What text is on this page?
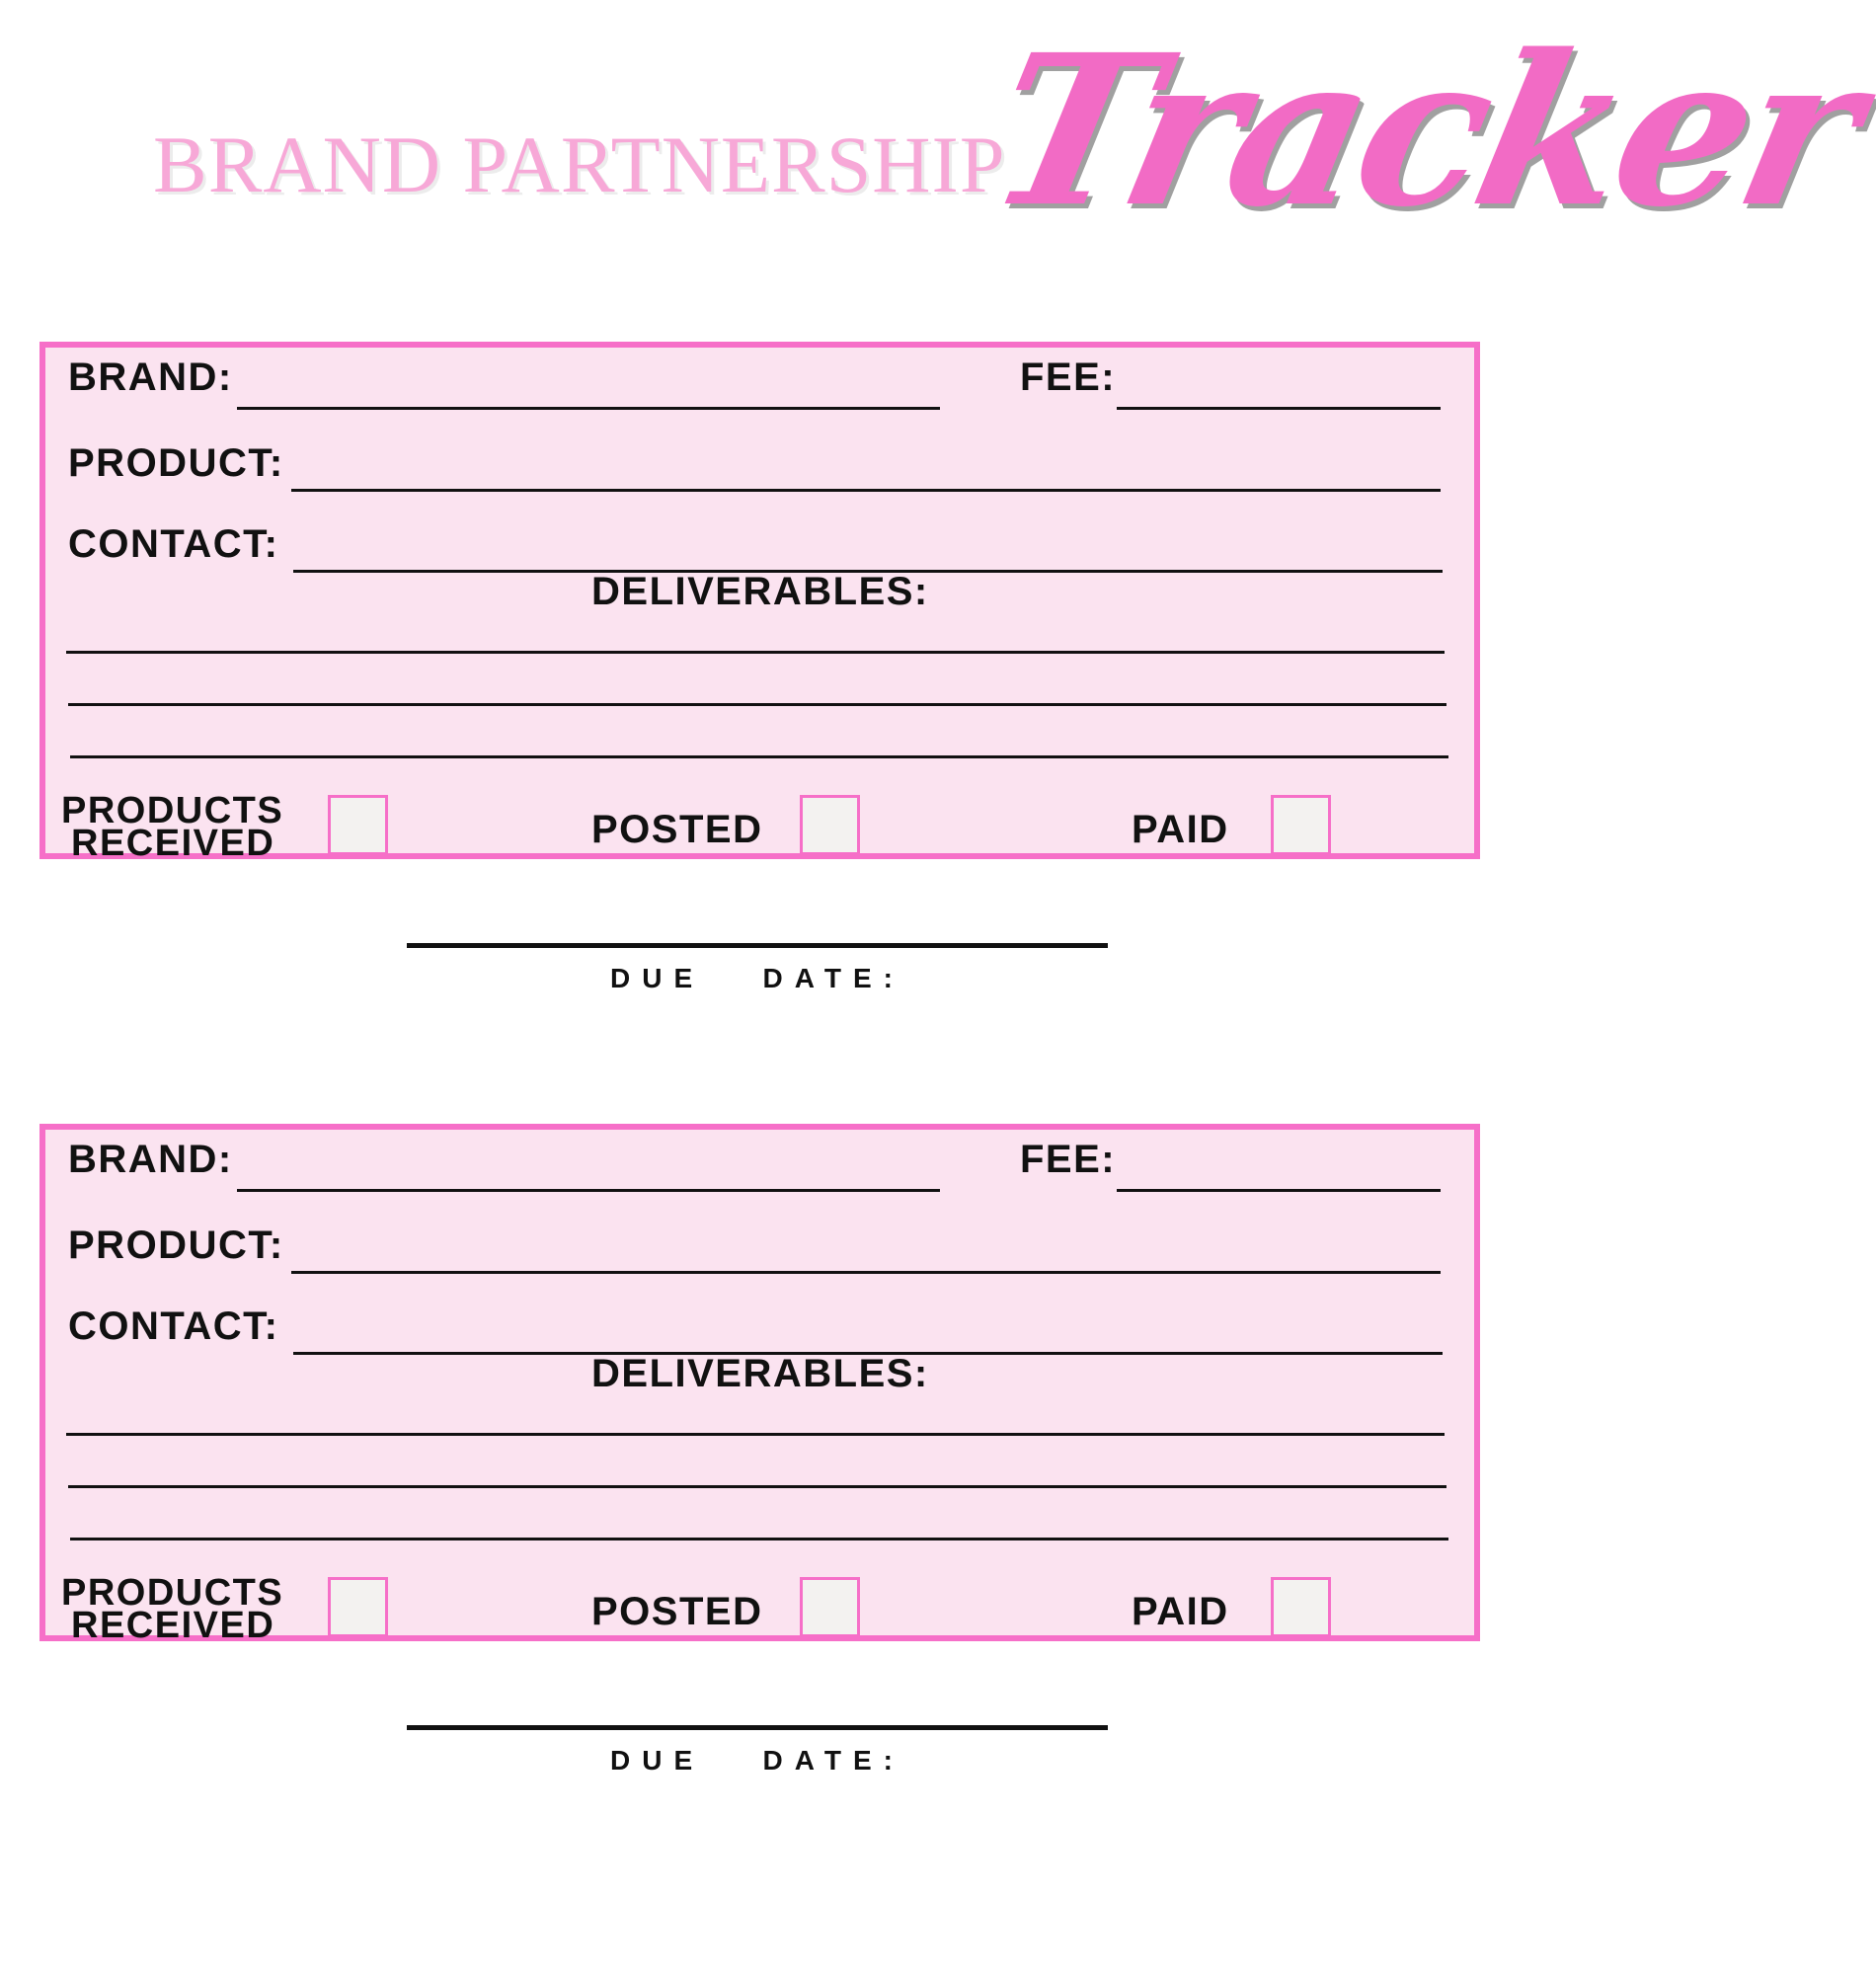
BRAND PARTNERSHIP
Tracker
BRAND:	FEE:
PRODUCT:
CONTACT:
DELIVERABLES:
PRODUCTS
RECEIVED	POSTED	PAID
DUE   DATE:
BRAND:	FEE:
PRODUCT:
CONTACT:
DELIVERABLES:
PRODUCTS
RECEIVED	POSTED	PAID
DUE   DATE:
